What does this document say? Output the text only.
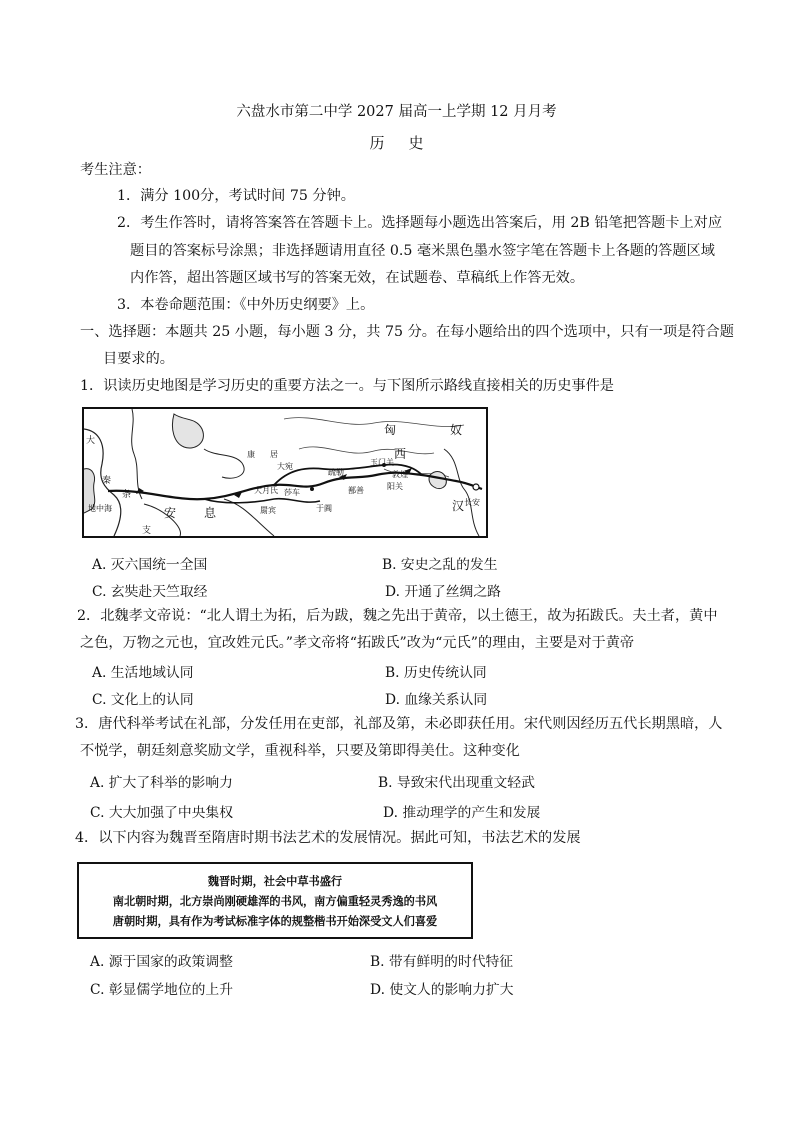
六盘水市第二中学 2027 届高一上学期 12 月月考
历史
考生注意：
1．满分 100分，考试时间 75 分钟。
2．考生作答时，请将答案答在答题卡上。选择题每小题选出答案后，用 2B 铅笔把答题卡上对应
题目的答案标号涂黑；非选择题请用直径 0.5 毫米黑色墨水签字笔在答题卡上各题的答题区域
内作答，超出答题区域书写的答案无效，在试题卷、草稿纸上作答无效。
3．本卷命题范围：《中外历史纲要》上。
一、选择题：本题共 25 小题，每小题 3 分，共 75 分。在每小题给出的四个选项中，只有一项是符合题
目要求的。
1．识读历史地图是学习历史的重要方法之一。与下图所示路线直接相关的历史事件是
匈	奴
西
康 居
大宛
疏勒
玉门关
敦煌
阳关
大月氏 莎车
于阗
鄯善
安 息
条
支
汉 长安
大
秦
罽宾
地中海
A. 灭六国统一全国	B. 安史之乱的发生
C. 玄奘赴天竺取经	D. 开通了丝绸之路
2．北魏孝文帝说：“北人谓土为拓，后为跋，魏之先出于黄帝，以土德王，故为拓跋氏。夫土者，黄中
之色，万物之元也，宜改姓元氏。”孝文帝将“拓跋氏”改为“元氏”的理由，主要是对于黄帝
A. 生活地域认同	B. 历史传统认同
C. 文化上的认同	D. 血缘关系认同
3．唐代科举考试在礼部，分发任用在吏部，礼部及第，未必即获任用。宋代则因经历五代长期黑暗，人
不悦学，朝廷刻意奖励文学，重视科举，只要及第即得美仕。这种变化
A. 扩大了科举的影响力	B. 导致宋代出现重文轻武
C. 大大加强了中央集权	D. 推动理学的产生和发展
4．以下内容为魏晋至隋唐时期书法艺术的发展情况。据此可知，书法艺术的发展
魏晋时期，社会中草书盛行
南北朝时期，北方崇尚刚硬雄浑的书风，南方偏重轻灵秀逸的书风
唐朝时期，具有作为考试标准字体的规整楷书开始深受文人们喜爱
A. 源于国家的政策调整	B. 带有鲜明的时代特征
C. 彰显儒学地位的上升	D. 使文人的影响力扩大
